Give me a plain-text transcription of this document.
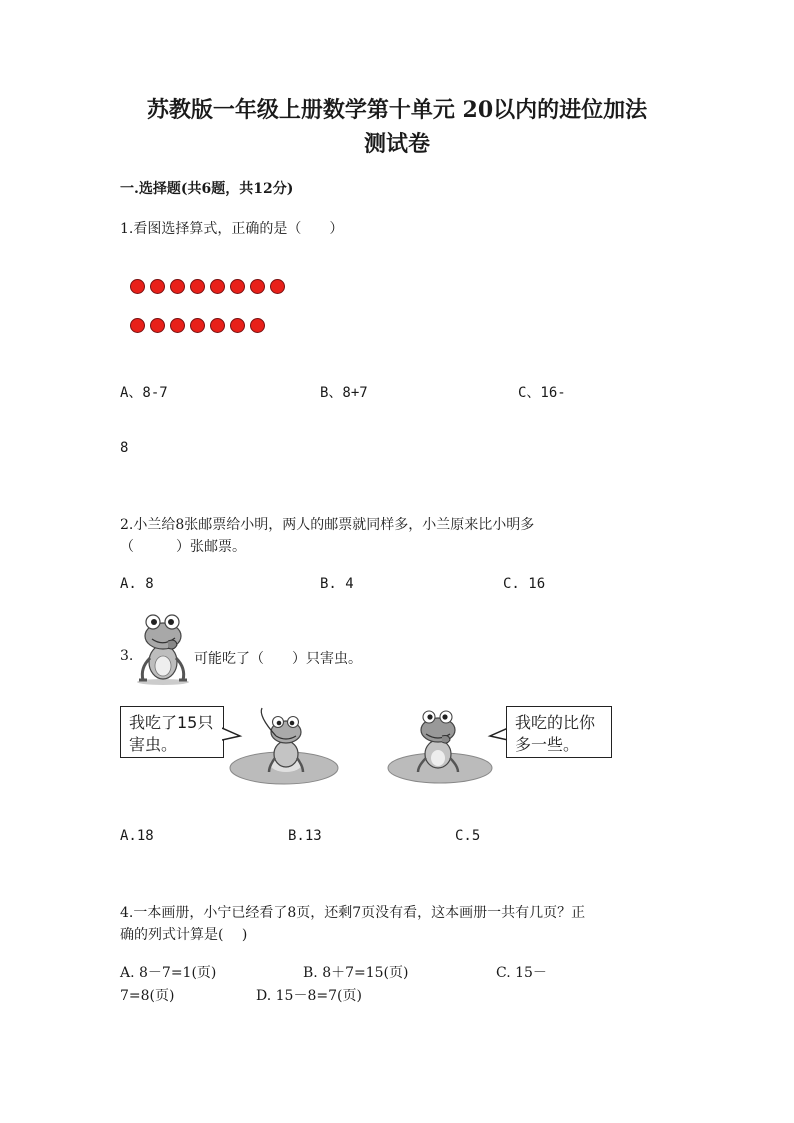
苏教版一年级上册数学第十单元 20以内的进位加法
测试卷
一.选择题(共6题，共12分)
1.看图选择算式，正确的是（　　）
A、8-7	B、8+7	C、16-
8
2.小兰给8张邮票给小明，两人的邮票就同样多，小兰原来比小明多
（　　　）张邮票。
A. 8	B. 4	C. 16
3.	可能吃了（　　）只害虫。
我吃了15只害虫。
我吃的比你多一些。
A.18	B.13	C.5
4.一本画册，小宁已经看了8页，还剩7页没有看，这本画册一共有几页？正
确的列式计算是(　 )
A. 8－7=1(页)	B. 8＋7=15(页)	C. 15－
7=8(页)	D. 15－8=7(页)
